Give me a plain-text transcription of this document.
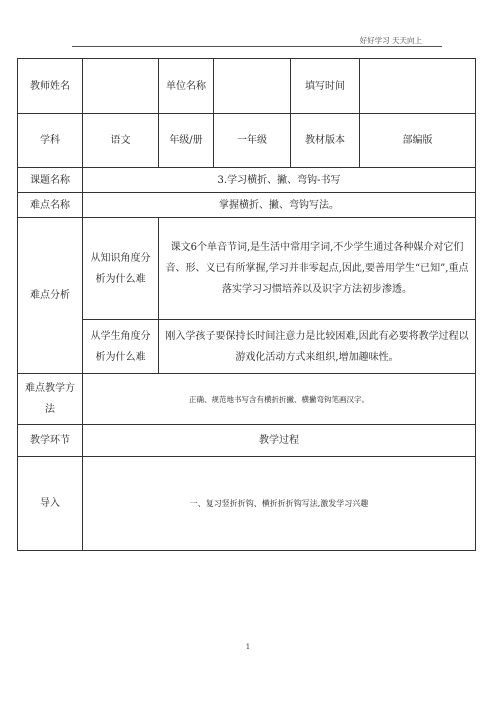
好好学习 天天向上
教师姓名		单位名称		填写时间	
学科	语文	年级/册	一年级	教材版本	部编版
课题名称	3.学习横折、撇、弯钩-书写				
难点名称	掌握横折、撇、弯钩写法。				
难点分析	从知识角度分析为什么难	课文6个单音节词,是生活中常用字词,不少学生通过各种媒介对它们音、形、义已有所掌握,学习并非零起点,因此,要善用学生“已知”,重点落实学习习惯培养以及识字方法初步渗透。			
	从学生角度分析为什么难	刚入学孩子要保持长时间注意力是比较困难,因此有必要将教学过程以游戏化活动方式来组织,增加趣味性。			
难点教学方法	正确、规范地书写含有横折折撇、横撇弯钩笔画汉字。				
教学环节	教学过程				
导入	一、复习竖折折钩、横折折折钩写法,激发学习兴趣				
1
